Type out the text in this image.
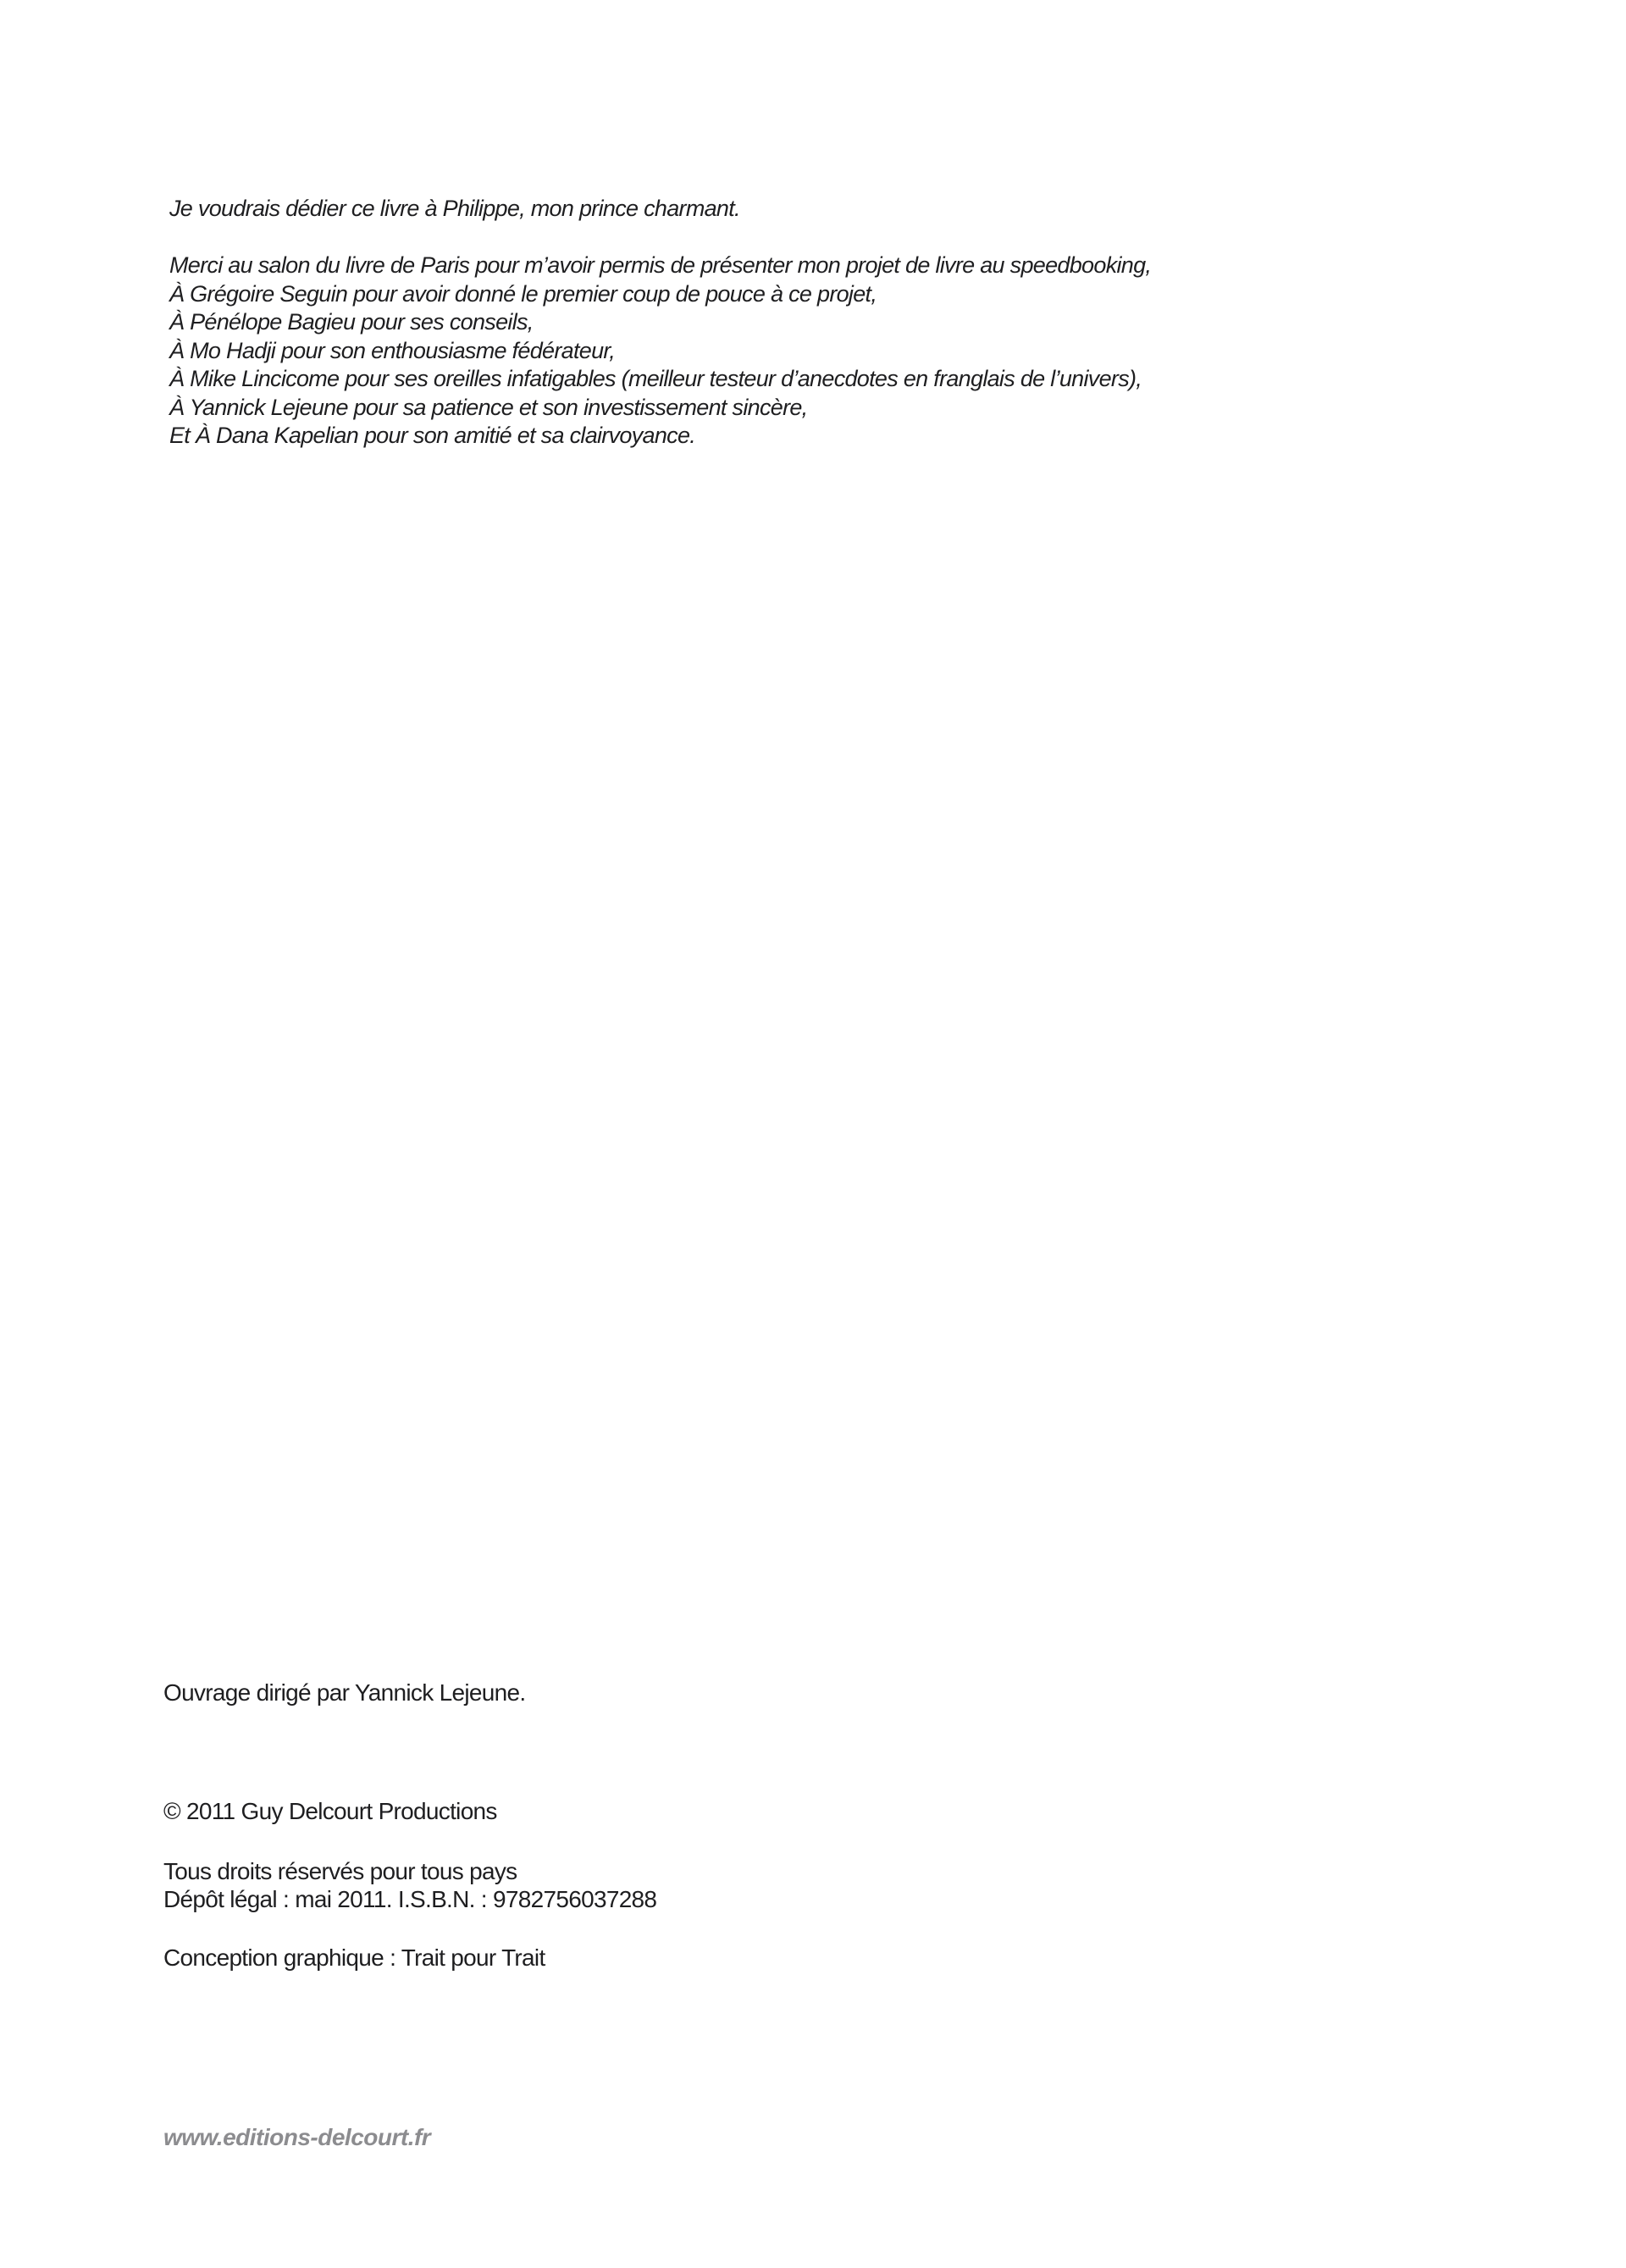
Je voudrais dédier ce livre à Philippe, mon prince charmant.
Merci au salon du livre de Paris pour m’avoir permis de présenter mon projet de livre au speedbooking,
À Grégoire Seguin pour avoir donné le premier coup de pouce à ce projet,
À Pénélope Bagieu pour ses conseils,
À Mo Hadji pour son enthousiasme fédérateur,
À Mike Lincicome pour ses oreilles infatigables (meilleur testeur d’anecdotes en franglais de l’univers),
À Yannick Lejeune pour sa patience et son investissement sincère,
Et À Dana Kapelian pour son amitié et sa clairvoyance.
Ouvrage dirigé par Yannick Lejeune.
© 2011 Guy Delcourt Productions
Tous droits réservés pour tous pays
Dépôt légal : mai 2011. I.S.B.N. : 9782756037288
Conception graphique : Trait pour Trait
www.editions-delcourt.fr
